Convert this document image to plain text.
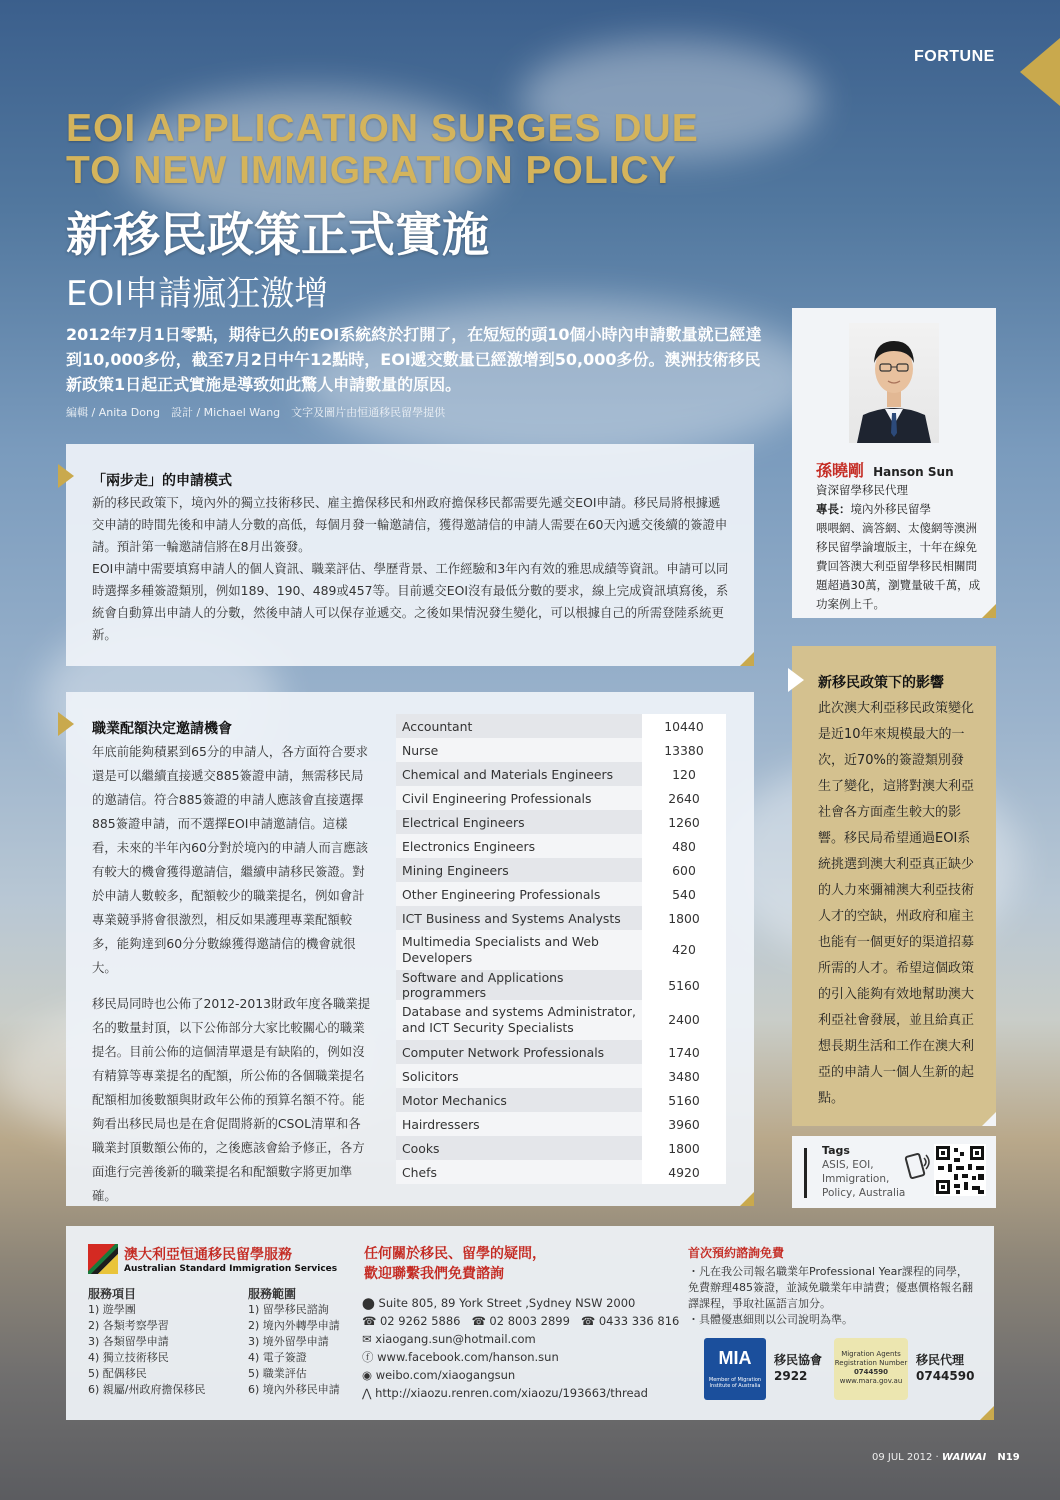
FORTUNE
EOI APPLICATION SURGES DUE
TO NEW IMMIGRATION POLICY
新移民政策正式實施
EOI申請瘋狂激增
2012年7月1日零點，期待已久的EOI系統終於打開了，在短短的頭10個小時內申請數量就已經達到10,000多份，截至7月2日中午12點時，EOI遞交數量已經激增到50,000多份。澳洲技術移民新政策1日起正式實施是導致如此驚人申請數量的原因。
編輯 / Anita Dong　設計 / Michael Wang　文字及圖片由恒通移民留學提供
「兩步走」的申請模式

新的移民政策下，境內外的獨立技術移民、雇主擔保移民和州政府擔保移民都需要先遞交EOI申請。移民局將根據遞交申請的時間先後和申請人分數的高低，每個月發一輪邀請信，獲得邀請信的申請人需要在60天內遞交後續的簽證申請。預計第一輪邀請信將在8月出簽發。

EOI申請中需要填寫申請人的個人資訊、職業評估、學歷背景、工作經驗和3年內有效的雅思成績等資訊。申請可以同時選擇多種簽證類別，例如189、190、489或457等。目前遞交EOI沒有最低分數的要求，線上完成資訊填寫後，系統會自動算出申請人的分數，然後申請人可以保存並遞交。之後如果情況發生變化，可以根據自己的所需登陸系統更新。

職業配額決定邀請機會

年底前能夠積累到65分的申請人，各方面符合要求還是可以繼續直接遞交885簽證申請，無需移民局的邀請信。符合885簽證的申請人應該會直接選擇885簽證申請，而不選擇EOI申請邀請信。這樣看，未來的半年內60分對於境內的申請人而言應該有較大的機會獲得邀請信，繼續申請移民簽證。對於申請人數較多，配額較少的職業提名，例如會計專業競爭將會很激烈，相反如果護理專業配額較多，能夠達到60分分數線獲得邀請信的機會就很大。

移民局同時也公佈了2012-2013財政年度各職業提名的數量封頂，以下公佈部分大家比較關心的職業提名。目前公佈的這個清單還是有缺陷的，例如沒有精算等專業提名的配額，所公佈的各個職業提名配額相加後數額與財政年公佈的預算名額不符。能夠看出移民局也是在倉促間將新的CSOL清單和各職業封頂數額公佈的，之後應該會給予修正，各方面進行完善後新的職業提名和配額數字將更加準確。

Accountant	10440
Nurse	13380
Chemical and Materials Engineers	120
Civil Engineering Professionals	2640
Electrical Engineers	1260
Electronics Engineers	480
Mining Engineers	600
Other Engineering Professionals	540
ICT Business and Systems Analysts	1800
Multimedia Specialists and Web Developers	420
Software and Applications programmers	5160
Database and systems Administrator, and ICT Security Specialists	2400
Computer Network Professionals	1740
Solicitors	3480
Motor Mechanics	5160
Hairdressers	3960
Cooks	1800
Chefs	4920
孫曉剛 Hanson Sun
資深留學移民代理
專長：境內外移民留學
喂喂網、滴答網、太傻網等澳洲移民留學論壇版主，十年在線免費回答澳大利亞留學移民相關問題超過30萬，瀏覽量破千萬，成功案例上千。
新移民政策下的影響
此次澳大利亞移民政策變化是近10年來規模最大的一次，近70%的簽證類別發生了變化，這將對澳大利亞社會各方面產生較大的影響。移民局希望通過EOI系統挑選到澳大利亞真正缺少的人力來彌補澳大利亞技術人才的空缺，州政府和雇主也能有一個更好的渠道招募所需的人才。希望這個政策的引入能夠有效地幫助澳大利亞社會發展，並且給真正想長期生活和工作在澳大利亞的申請人一個人生新的起點。
Tags
ASIS, EOI, Immigration, Policy, Australia
澳大利亞恒通移民留學服務
Australian Standard Immigration Services
服務項目
1) 遊學團
2) 各類考察學習
3) 各類留學申請
4) 獨立技術移民
5) 配偶移民
6) 親屬/州政府擔保移民
服務範圍
1) 留學移民諮詢
2) 境內外轉學申請
3) 境外留學申請
4) 電子簽證
5) 職業評估
6) 境內外移民申請
任何關於移民、留學的疑問，
歡迎聯繫我們免費諮詢
⬤ Suite 805, 89 York Street ,Sydney NSW 2000
☎ 02 9262 5886 ☎ 02 8003 2899 ☎ 0433 336 816
✉ xiaogang.sun@hotmail.com
ⓕ www.facebook.com/hanson.sun
◉ weibo.com/xiaogangsun
⋀ http://xiaozu.renren.com/xiaozu/193663/thread
首次預約諮詢免費
・凡在我公司報名職業年Professional Year課程的同學，免費辦理485簽證，並減免職業年申請費；優惠價格報名翻譯課程，爭取社區語言加分。
・具體優惠細則以公司說明為準。
MIA
Member of Migration Institute of Australia
移民協會
2922
Migration Agents
Registration Number
0744590
www.mara.gov.au
移民代理
0744590
09 JUL 2012 · WAIWAI N19
